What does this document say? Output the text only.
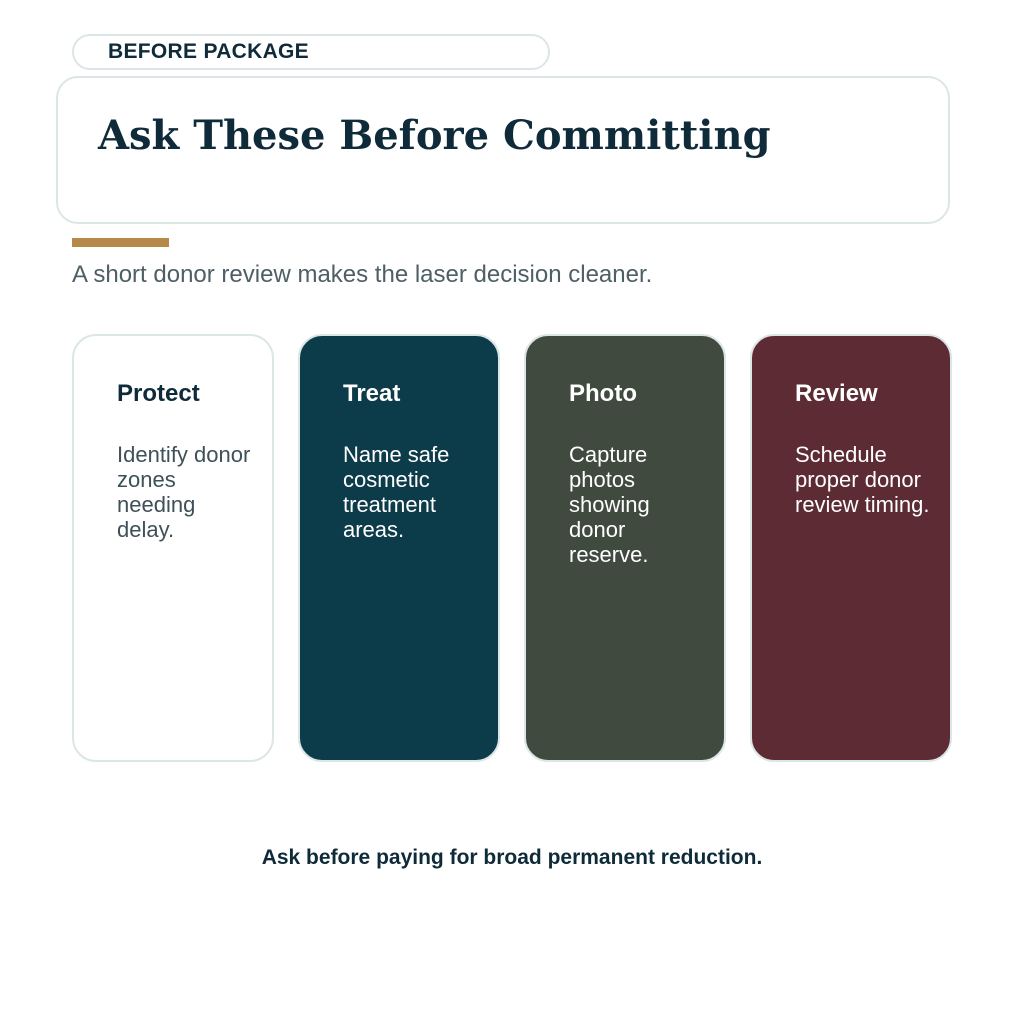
BEFORE PACKAGE
Ask These Before Committing

A short donor review makes the laser decision cleaner.

Protect

Identify donor zones needing delay.

Treat

Name safe cosmetic treatment areas.

Photo

Capture photos showing donor reserve.

Review

Schedule proper donor review timing.

Ask before paying for broad permanent reduction.
